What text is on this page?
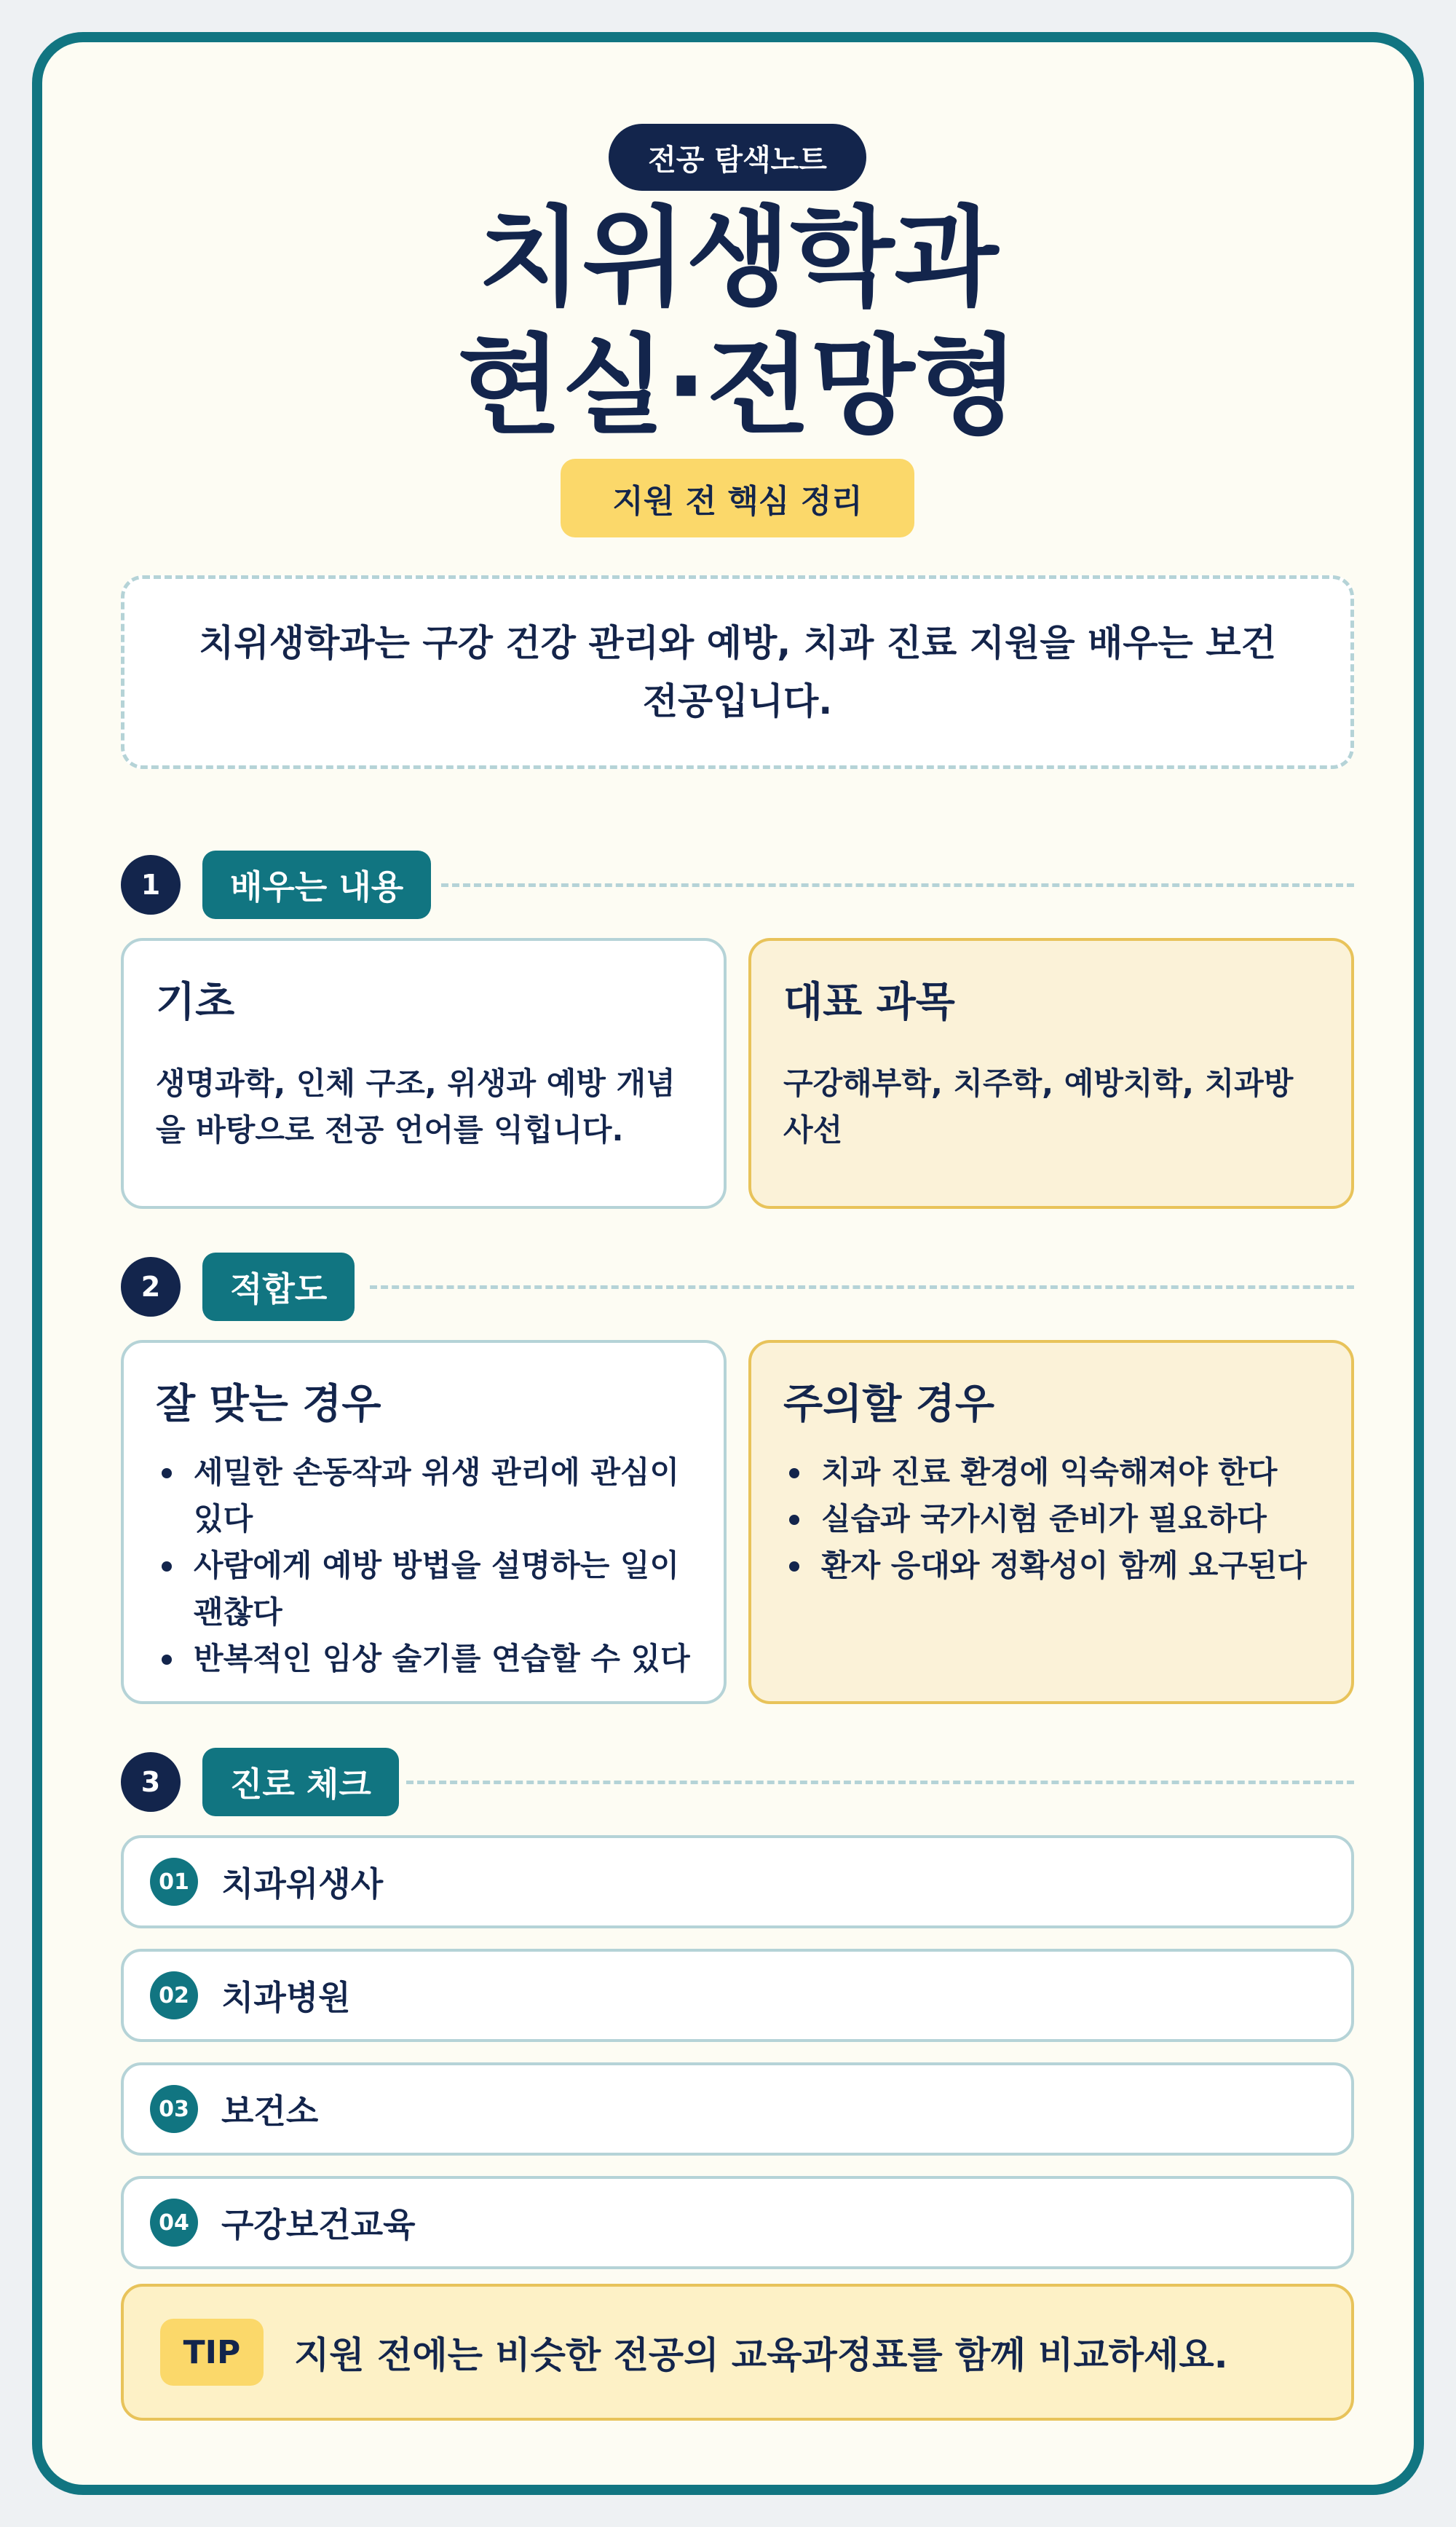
전공 탐색노트
치위생학과
현실·전망형
지원 전 핵심 정리
치위생학과는 구강 건강 관리와 예방, 치과 진료 지원을 배우는 보건 전공입니다.
1	배우는 내용
기초

생명과학, 인체 구조, 위생과 예방 개념을 바탕으로 전공 언어를 익힙니다.

대표 과목

구강해부학, 치주학, 예방치학, 치과방사선

2	적합도
잘 맞는 경우
세밀한 손동작과 위생 관리에 관심이 있다
사람에게 예방 방법을 설명하는 일이 괜찮다
반복적인 임상 술기를 연습할 수 있다
주의할 경우
치과 진료 환경에 익숙해져야 한다
실습과 국가시험 준비가 필요하다
환자 응대와 정확성이 함께 요구된다
3	진로 체크
01 치과위생사
02 치과병원
03 보건소
04 구강보건교육
TIP	지원 전에는 비슷한 전공의 교육과정표를 함께 비교하세요.
